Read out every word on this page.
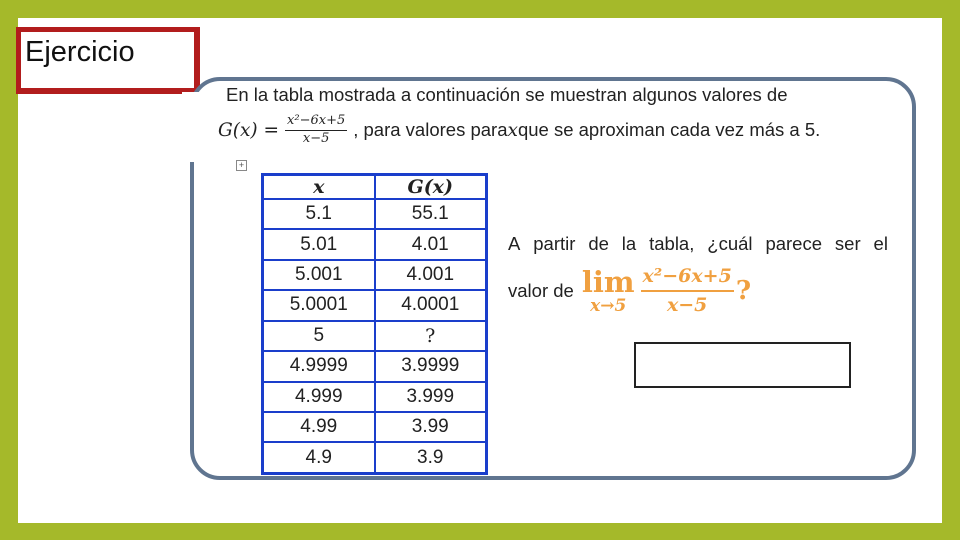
Ejercicio
En la tabla mostrada a continuación se muestran algunos valores de
$G(x) = \frac{\text{x²−6x+5}}{x-5}$ , para valores para x que se aproximan cada vez más a 5.
+
x	G(x)
5.1	55.1
5.01	4.01
5.001	4.001
5.0001	4.0001
5	?
4.9999	3.9999
4.999	3.999
4.99	3.99
4.9	3.9
A partir de la tabla, ¿cuál parece ser el
valor de lim
$x\to 5 \frac{\text{x²−6x+5}}{x-5}$ ?
